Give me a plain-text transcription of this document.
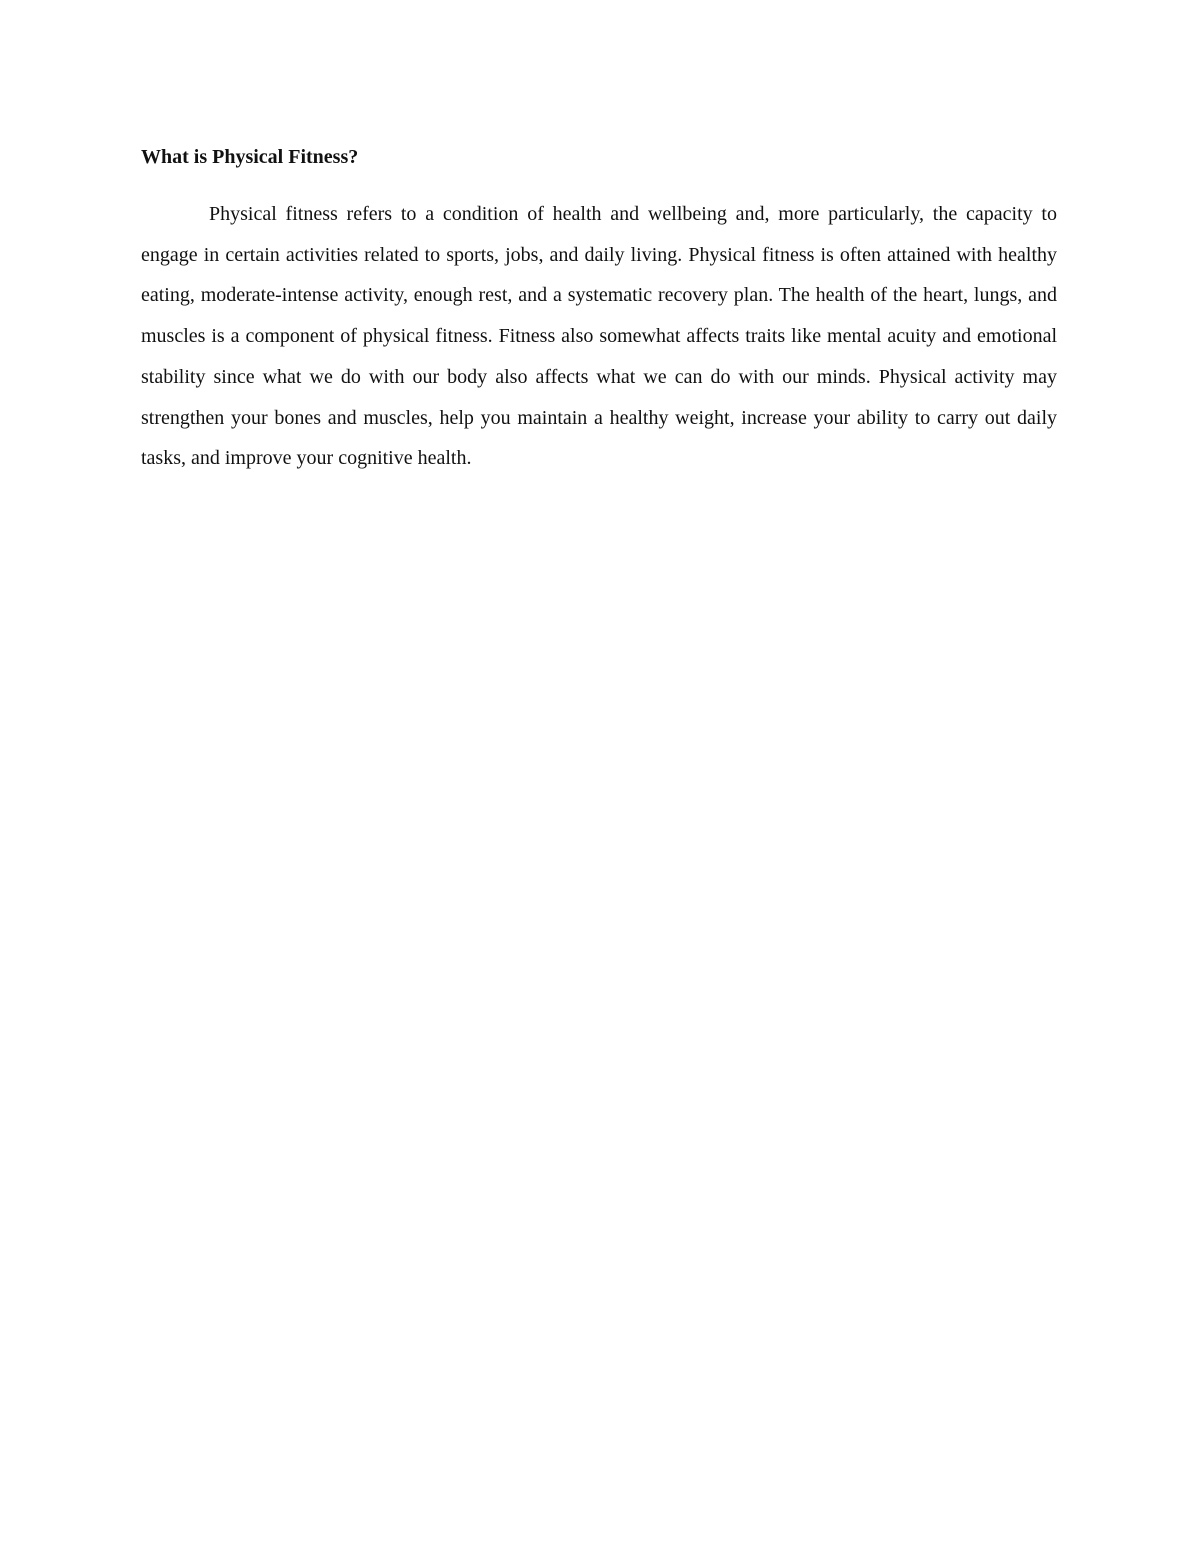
What is Physical Fitness?

Physical fitness refers to a condition of health and wellbeing and, more particularly, the capacity to engage in certain activities related to sports, jobs, and daily living. Physical fitness is often attained with healthy eating, moderate-intense activity, enough rest, and a systematic recovery plan. The health of the heart, lungs, and muscles is a component of physical fitness. Fitness also somewhat affects traits like mental acuity and emotional stability since what we do with our body also affects what we can do with our minds. Physical activity may strengthen your bones and muscles, help you maintain a healthy weight, increase your ability to carry out daily tasks, and improve your cognitive health.
